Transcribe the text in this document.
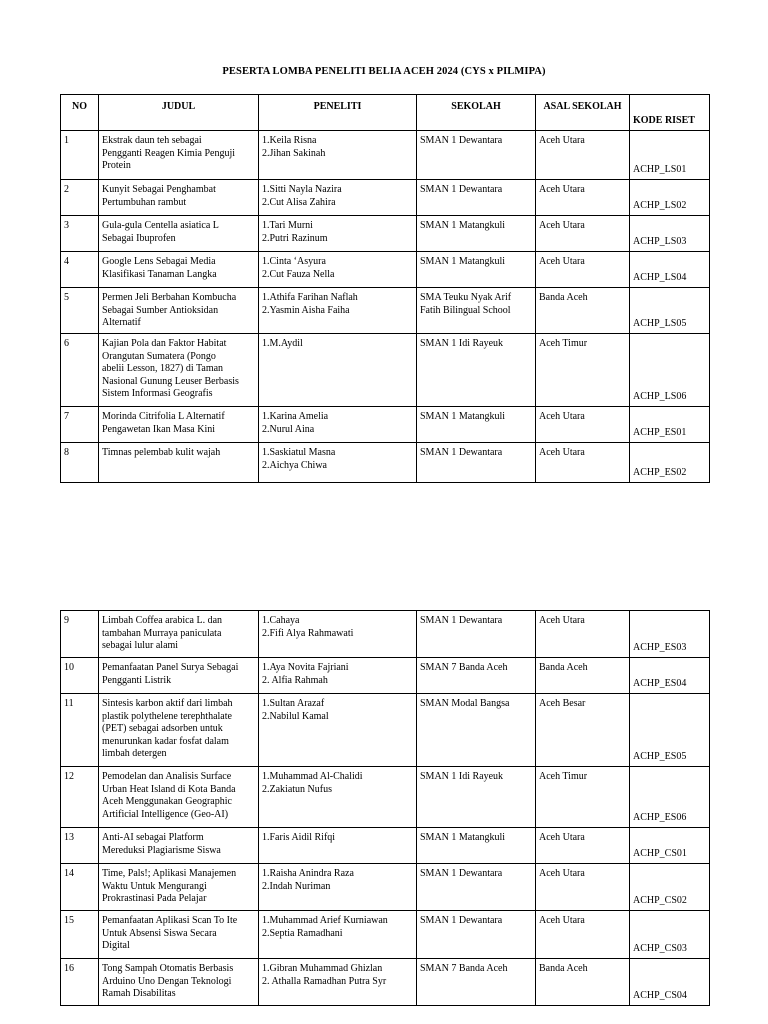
PESERTA LOMBA PENELITI BELIA ACEH 2024 (CYS x PILMIPA)
NO	JUDUL	PENELITI	SEKOLAH	ASAL SEKOLAH	KODE RISET
1	Ekstrak daun teh sebagai
Pengganti Reagen Kimia Penguji
Protein	1.Keila Risna
2.Jihan Sakinah	SMAN 1 Dewantara	Aceh Utara	ACHP_LS01
2	Kunyit Sebagai Penghambat
Pertumbuhan rambut	1.Sitti Nayla Nazira
2.Cut Alisa Zahira	SMAN 1 Dewantara	Aceh Utara	ACHP_LS02
3	Gula-gula Centella asiatica L
Sebagai Ibuprofen	1.Tari Murni
2.Putri Razinum	SMAN 1 Matangkuli	Aceh Utara	ACHP_LS03
4	Google Lens Sebagai Media
Klasifikasi Tanaman Langka	1.Cinta ‘Asyura
2.Cut Fauza Nella	SMAN 1 Matangkuli	Aceh Utara	ACHP_LS04
5	Permen Jeli Berbahan Kombucha
Sebagai Sumber Antioksidan
Alternatif	1.Athifa Farihan Naflah
2.Yasmin Aisha Faiha	SMA Teuku Nyak Arif
Fatih Bilingual School	Banda Aceh	ACHP_LS05
6	Kajian Pola dan Faktor Habitat
Orangutan Sumatera (Pongo
abelii Lesson, 1827) di Taman
Nasional Gunung Leuser Berbasis
Sistem Informasi Geografis	1.M.Aydil	SMAN 1 Idi Rayeuk	Aceh Timur	ACHP_LS06
7	Morinda Citrifolia L Alternatif
Pengawetan Ikan Masa Kini	1.Karina Amelia
2.Nurul Aina	SMAN 1 Matangkuli	Aceh Utara	ACHP_ES01
8	Timnas pelembab kulit wajah	1.Saskiatul Masna
2.Aichya Chiwa	SMAN 1 Dewantara	Aceh Utara	ACHP_ES02
9	Limbah Coffea arabica L. dan
tambahan Murraya paniculata
sebagai lulur alami	1.Cahaya
2.Fifi Alya Rahmawati	SMAN 1 Dewantara	Aceh Utara	ACHP_ES03
10	Pemanfaatan Panel Surya Sebagai
Pengganti Listrik	1.Aya Novita Fajriani
2. Alfia Rahmah	SMAN 7 Banda Aceh	Banda Aceh	ACHP_ES04
11	Sintesis karbon aktif dari limbah
plastik polythelene terephthalate
(PET) sebagai adsorben untuk
menurunkan kadar fosfat dalam
limbah detergen	1.Sultan Arazaf
2.Nabilul Kamal	SMAN Modal Bangsa	Aceh Besar	ACHP_ES05
12	Pemodelan dan Analisis Surface
Urban Heat Island di Kota Banda
Aceh Menggunakan Geographic
Artificial Intelligence (Geo-AI)	1.Muhammad Al-Chalidi
2.Zakiatun Nufus	SMAN 1 Idi Rayeuk	Aceh Timur	ACHP_ES06
13	Anti-AI sebagai Platform
Mereduksi Plagiarisme Siswa	1.Faris Aidil Rifqi	SMAN 1 Matangkuli	Aceh Utara	ACHP_CS01
14	Time, Pals!; Aplikasi Manajemen
Waktu Untuk Mengurangi
Prokrastinasi Pada Pelajar	1.Raisha Anindra Raza
2.Indah Nuriman	SMAN 1 Dewantara	Aceh Utara	ACHP_CS02
15	Pemanfaatan Aplikasi Scan To Ite
Untuk Absensi Siswa Secara
Digital	1.Muhammad Arief Kurniawan
2.Septia Ramadhani	SMAN 1 Dewantara	Aceh Utara	ACHP_CS03
16	Tong Sampah Otomatis Berbasis
Arduino Uno Dengan Teknologi
Ramah Disabilitas	1.Gibran Muhammad Ghizlan
2. Athalla Ramadhan Putra Syr	SMAN 7 Banda Aceh	Banda Aceh	ACHP_CS04
